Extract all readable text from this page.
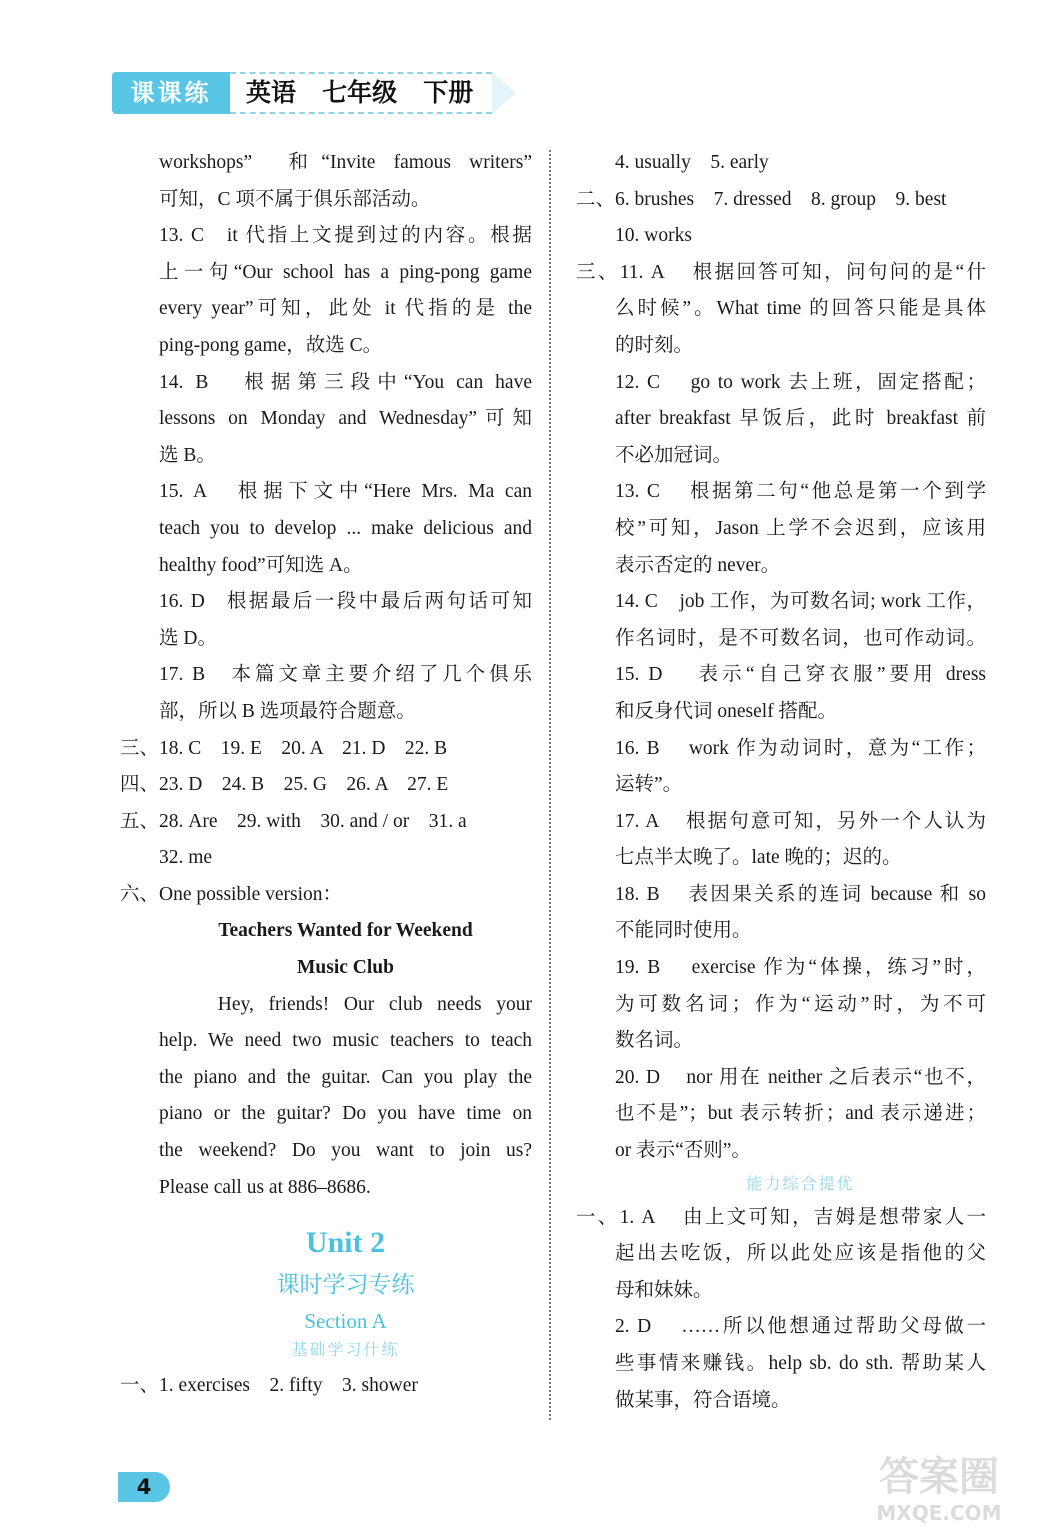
课课练	英语   七年级   下册
workshops”  和“Invite famous writers”
可知，C 项不属于俱乐部活动。
13. C   it 代指上文提到过的内容。根据
上一句“Our school has a ping-pong game
every year”可知，此处 it 代指的是 the
ping-pong game，故选 C。
14. B   根据第三段中“You can have
lessons on Monday and Wednesday”可知
选 B。
15. A   根据下文中“Here Mrs. Ma can
teach you to develop ... make delicious and
healthy food”可知选 A。
16. D   根据最后一段中最后两句话可知
选 D。
17. B   本篇文章主要介绍了几个俱乐
部，所以 B 选项最符合题意。
三、18. C    19. E    20. A    21. D    22. B
四、23. D    24. B    25. G    26. A    27. E
五、28. Are    29. with    30. and / or    31. a
32. me
六、One possible version：
Teachers Wanted for Weekend
Music Club
Hey, friends! Our club needs your
help. We need two music teachers to teach
the piano and the guitar. Can you play the
piano or the guitar? Do you have time on
the weekend? Do you want to join us?
Please call us at 886–8686.
Unit 2
课时学习专练
Section A
基础学习什练
一、1. exercises    2. fifty    3. shower
4. usually    5. early
二、6. brushes    7. dressed    8. group    9. best
10. works
三、11. A    根据回答可知，问句问的是“什
么时候”。What time 的回答只能是具体
的时刻。
12. C    go to work 去上班，固定搭配；
after breakfast 早饭后，此时 breakfast 前
不必加冠词。
13. C    根据第二句“他总是第一个到学
校”可知，Jason 上学不会迟到，应该用
表示否定的 never。
14. C    job 工作，为可数名词; work 工作，
作名词时，是不可数名词，也可作动词。
15. D    表示“自己穿衣服”要用 dress
和反身代词 oneself 搭配。
16. B    work 作为动词时，意为“工作；
运转”。
17. A    根据句意可知，另外一个人认为
七点半太晚了。late 晚的；迟的。
18. B    表因果关系的连词 because 和 so
不能同时使用。
19. B    exercise 作为“体操，练习”时，
为可数名词；作为“运动”时，为不可
数名词。
20. D    nor 用在 neither 之后表示“也不，
也不是”；but 表示转折；and 表示递进；
or 表示“否则”。
能力综合提优
一、1. A    由上文可知，吉姆是想带家人一
起出去吃饭，所以此处应该是指他的父
母和妹妹。
2. D    ……所以他想通过帮助父母做一
些事情来赚钱。help sb. do sth. 帮助某人
做某事，符合语境。
4	答案圈
MXQE.COM
